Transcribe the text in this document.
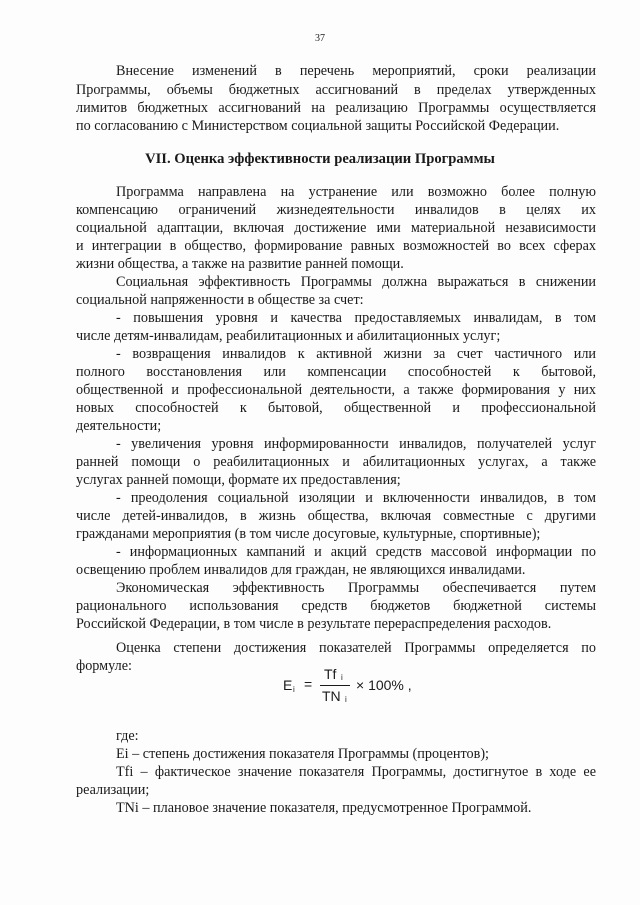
37
Внесение изменений в перечень мероприятий, сроки реализации
Программы, объемы бюджетных ассигнований в пределах утвержденных
лимитов бюджетных ассигнований на реализацию Программы осуществляется
по согласованию с Министерством социальной защиты Российской Федерации.
VII. Оценка эффективности реализации Программы
Программа направлена на устранение или возможно более полную
компенсацию ограничений жизнедеятельности инвалидов в целях их
социальной адаптации, включая достижение ими материальной независимости
и интеграции в общество, формирование равных возможностей во всех сферах
жизни общества, а также на развитие ранней помощи.
Социальная эффективность Программы должна выражаться в снижении
социальной напряженности в обществе за счет:
- повышения уровня и качества предоставляемых инвалидам, в том
числе детям-инвалидам, реабилитационных и абилитационных услуг;
- возвращения инвалидов к активной жизни за счет частичного или
полного восстановления или компенсации способностей к бытовой,
общественной и профессиональной деятельности, а также формирования у них
новых способностей к бытовой, общественной и профессиональной
деятельности;
- увеличения уровня информированности инвалидов, получателей услуг
ранней помощи о реабилитационных и абилитационных услугах, а также
услугах ранней помощи, формате их предоставления;
- преодоления социальной изоляции и включенности инвалидов, в том
числе детей-инвалидов, в жизнь общества, включая совместные с другими
гражданами мероприятия (в том числе досуговые, культурные, спортивные);
- информационных кампаний и акций средств массовой информации по
освещению проблем инвалидов для граждан, не являющихся инвалидами.
Экономическая эффективность Программы обеспечивается путем
рационального использования средств бюджетов бюджетной системы
Российской Федерации, в том числе в результате перераспределения расходов.
Оценка степени достижения показателей Программы определяется по
формуле:
E i =
Tf i
TN i
× 100% ,
где:
Ei – степень достижения показателя Программы (процентов);
Tfi – фактическое значение показателя Программы, достигнутое в ходе ее
реализации;
TNi – плановое значение показателя, предусмотренное Программой.
